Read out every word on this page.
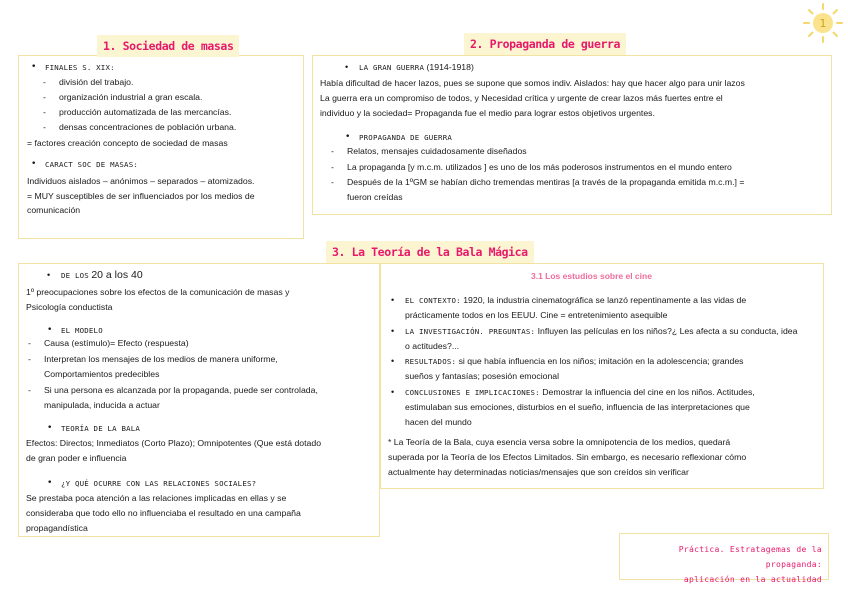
1
• FINALES S. XIX:
- división del trabajo.
- organización industrial a gran escala.
- producción automatizada de las mercancías.
- densas concentraciones de población urbana.
= factores creación concepto de sociedad de masas
• CARACT SOC DE MASAS:
Individuos aislados – anónimos – separados – atomizados.
= MUY susceptibles de ser influenciados por los medios de
comunicación
1. Sociedad de masas
• LA GRAN GUERRA (1914-1918)
Había dificultad de hacer lazos, pues se supone que somos indiv. Aislados: hay que hacer algo para unir lazos
La guerra era un compromiso de todos, y Necesidad crítica y urgente de crear lazos más fuertes entre el
individuo y la sociedad= Propaganda fue el medio para lograr estos objetivos urgentes.
• PROPAGANDA DE GUERRA
- Relatos, mensajes cuidadosamente diseñados
- La propaganda [y m.c.m. utilizados ] es uno de los más poderosos instrumentos en el mundo entero
- Después de la 1ºGM se habían dicho tremendas mentiras [a través de la propaganda emitida m.c.m.] =
fueron creídas
2. Propaganda de guerra
• DE LOS 20 a los 40
1º preocupaciones sobre los efectos de la comunicación de masas y
Psicología conductista
• EL MODELO
- Causa (estímulo)= Efecto (respuesta)
- Interpretan los mensajes de los medios de manera uniforme,
Comportamientos predecibles
- Si una persona es alcanzada por la propaganda, puede ser controlada,
manipulada, inducida a actuar
• TEORÍA DE LA BALA
Efectos: Directos; Inmediatos (Corto Plazo); Omnipotentes (Que está dotado
de gran poder e influencia
• ¿Y QUÉ OCURRE CON LAS RELACIONES SOCIALES?
Se prestaba poca atención a las relaciones implicadas en ellas y se
consideraba que todo ello no influenciaba el resultado en una campaña
propagandística
3.1 Los estudios sobre el cine
• EL CONTEXTO: 1920, la industria cinematográfica se lanzó repentinamente a las vidas de
prácticamente todos en los EEUU. Cine = entretenimiento asequible
• LA INVESTIGACIÓN. PREGUNTAS: Influyen las películas en los niños?¿ Les afecta a su conducta, idea
o actitudes?...
• RESULTADOS: si que había influencia en los niños; imitación en la adolescencia; grandes
sueños y fantasías; posesión emocional
• CONCLUSIONES E IMPLICACIONES: Demostrar la influencia del cine en los niños. Actitudes,
estimulaban sus emociones, disturbios en el sueño, influencia de las interpretaciones que
hacen del mundo
* La Teoría de la Bala, cuya esencia versa sobre la omnipotencia de los medios, quedará
superada por la Teoría de los Efectos Limitados. Sin embargo, es necesario reflexionar cómo
actualmente hay determinadas noticias/mensajes que son creídos sin verificar
3. La Teoría de la Bala Mágica
Práctica. Estratagemas de la propaganda:
aplicación en la actualidad
